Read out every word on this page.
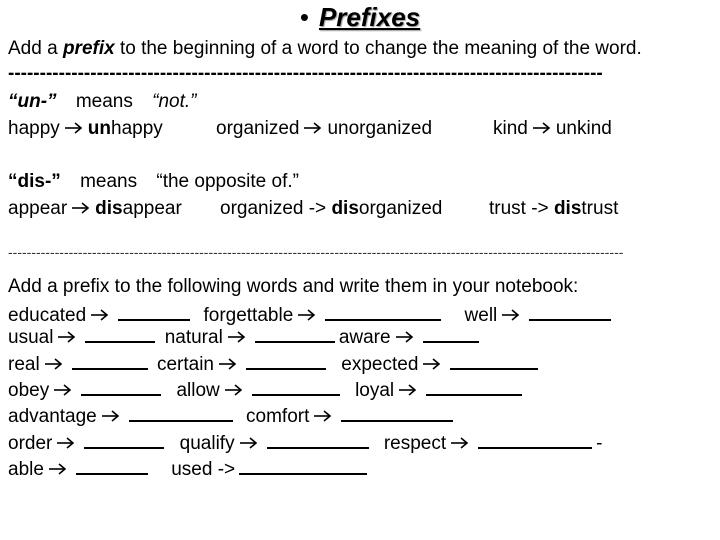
• Prefixes
Add a prefix to the beginning of a word to change the meaning of the word.
----------------------------------------------------------------------------------------------
“un-” means “not.”
happy unhappy	organized unorganized	kind unkind
“dis-” means “the opposite of.”
appear disappear organized -> disorganized trust -> distrust
------------------------------------------------------------------------------------------------------------------------------------
Add a prefix to the following words and write them in your notebook:
educated	forgettable	well
usual	natural	aware
real	certain	expected
obey	allow	loyal
advantage	comfort
order	qualify	respect	-
able	used ->
